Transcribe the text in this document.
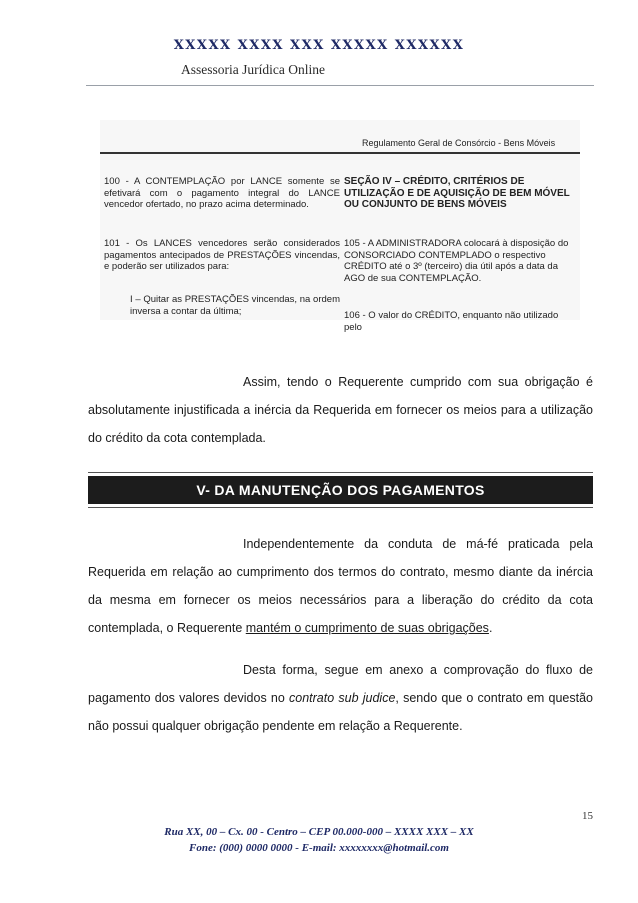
XXXXX XXXX XXX XXXXX XXXXXX
Assessoria Jurídica Online
Regulamento Geral de Consórcio - Bens Móveis
100 - A CONTEMPLAÇÃO por LANCE somente se efetivará com o pagamento integral do LANCE vencedor ofertado, no prazo acima determinado.
101 - Os LANCES vencedores serão considerados pagamentos antecipados de PRESTAÇÕES vincendas, e poderão ser utilizados para:
I – Quitar as PRESTAÇÕES vincendas, na ordem inversa a contar da última;
SEÇÃO IV – CRÉDITO, CRITÉRIOS DE UTILIZAÇÃO E DE AQUISIÇÃO DE BEM MÓVEL OU CONJUNTO DE BENS MÓVEIS
105 - A ADMINISTRADORA colocará à disposição do CONSORCIADO CONTEMPLADO o respectivo CRÉDITO até o 3º (terceiro) dia útil após a data da AGO de sua CONTEMPLAÇÃO.
106 - O valor do CRÉDITO, enquanto não utilizado pelo
Assim, tendo o Requerente cumprido com sua obrigação é absolutamente injustificada a inércia da Requerida em fornecer os meios para a utilização do crédito da cota contemplada.
V- DA MANUTENÇÃO DOS PAGAMENTOS
Independentemente da conduta de má-fé praticada pela Requerida em relação ao cumprimento dos termos do contrato, mesmo diante da inércia da mesma em fornecer os meios necessários para a liberação do crédito da cota contemplada, o Requerente mantém o cumprimento de suas obrigações.
Desta forma, segue em anexo a comprovação do fluxo de pagamento dos valores devidos no contrato sub judice, sendo que o contrato em questão não possui qualquer obrigação pendente em relação a Requerente.
15
Rua XX, 00 – Cx. 00 - Centro – CEP 00.000-000 – XXXX XXX – XX
Fone: (000) 0000 0000 - E-mail: xxxxxxxx@hotmail.com
